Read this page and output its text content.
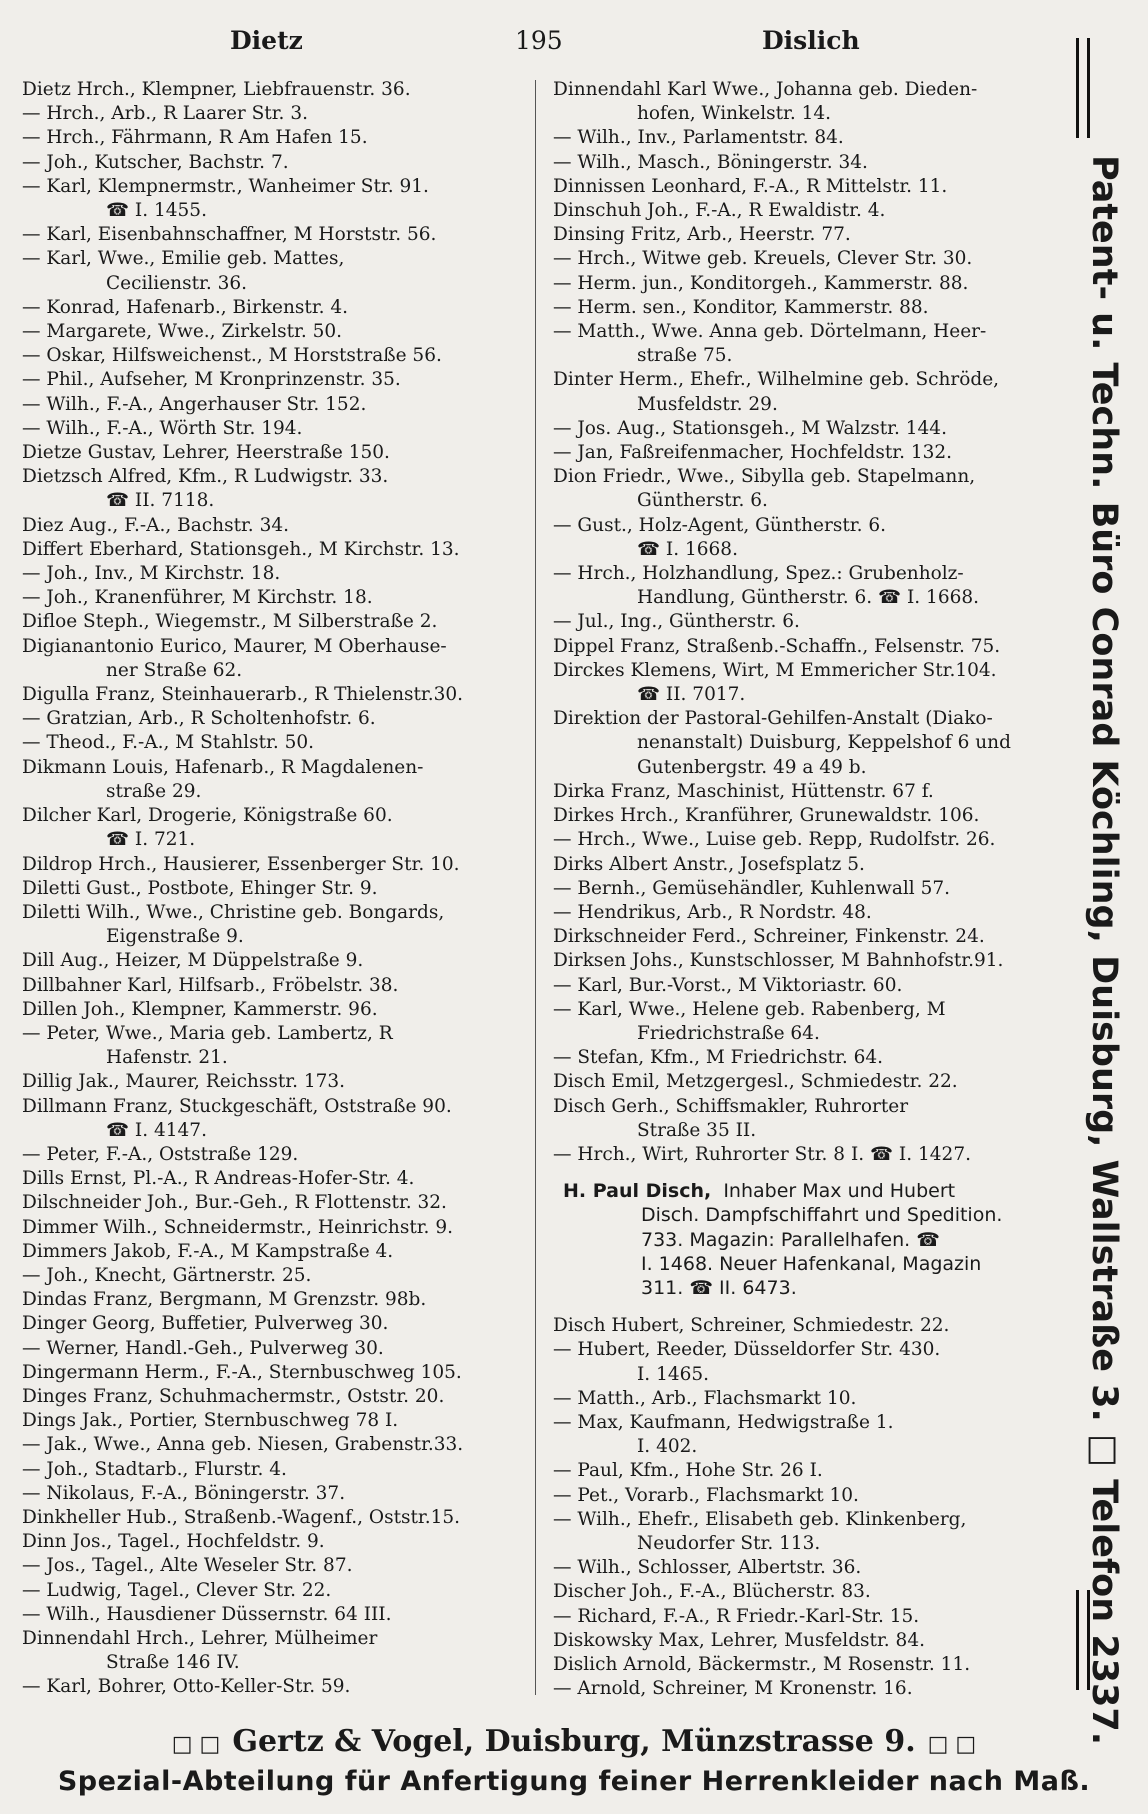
Dietz	195	Dislich
Dietz Hrch., Klempner, Liebfrauenstr. 36.
— Hrch., Arb., R Laarer Str. 3.
— Hrch., Fährmann, R Am Hafen 15.
— Joh., Kutscher, Bachstr. 7.
— Karl, Klempnermstr., Wanheimer Str. 91.
☎ I. 1455.
— Karl, Eisenbahnschaffner, M Horststr. 56.
— Karl, Wwe., Emilie geb. Mattes,
Cecilienstr. 36.
— Konrad, Hafenarb., Birkenstr. 4.
— Margarete, Wwe., Zirkelstr. 50.
— Oskar, Hilfsweichenst., M Horststraße 56.
— Phil., Aufseher, M Kronprinzenstr. 35.
— Wilh., F.-A., Angerhauser Str. 152.
— Wilh., F.-A., Wörth Str. 194.
Dietze Gustav, Lehrer, Heerstraße 150.
Dietzsch Alfred, Kfm., R Ludwigstr. 33.
☎ II. 7118.
Diez Aug., F.-A., Bachstr. 34.
Differt Eberhard, Stationsgeh., M Kirchstr. 13.
— Joh., Inv., M Kirchstr. 18.
— Joh., Kranenführer, M Kirchstr. 18.
Difloe Steph., Wiegemstr., M Silberstraße 2.
Digianantonio Eurico, Maurer, M Oberhause-
ner Straße 62.
Digulla Franz, Steinhauerarb., R Thielenstr.30.
— Gratzian, Arb., R Scholtenhofstr. 6.
— Theod., F.-A., M Stahlstr. 50.
Dikmann Louis, Hafenarb., R Magdalenen-
straße 29.
Dilcher Karl, Drogerie, Königstraße 60.
☎ I. 721.
Dildrop Hrch., Hausierer, Essenberger Str. 10.
Diletti Gust., Postbote, Ehinger Str. 9.
Diletti Wilh., Wwe., Christine geb. Bongards,
Eigenstraße 9.
Dill Aug., Heizer, M Düppelstraße 9.
Dillbahner Karl, Hilfsarb., Fröbelstr. 38.
Dillen Joh., Klempner, Kammerstr. 96.
— Peter, Wwe., Maria geb. Lambertz, R
Hafenstr. 21.
Dillig Jak., Maurer, Reichsstr. 173.
Dillmann Franz, Stuckgeschäft, Oststraße 90.
☎ I. 4147.
— Peter, F.-A., Oststraße 129.
Dills Ernst, Pl.-A., R Andreas-Hofer-Str. 4.
Dilschneider Joh., Bur.-Geh., R Flottenstr. 32.
Dimmer Wilh., Schneidermstr., Heinrichstr. 9.
Dimmers Jakob, F.-A., M Kampstraße 4.
— Joh., Knecht, Gärtnerstr. 25.
Dindas Franz, Bergmann, M Grenzstr. 98b.
Dinger Georg, Buffetier, Pulverweg 30.
— Werner, Handl.-Geh., Pulverweg 30.
Dingermann Herm., F.-A., Sternbuschweg 105.
Dinges Franz, Schuhmachermstr., Oststr. 20.
Dings Jak., Portier, Sternbuschweg 78 I.
— Jak., Wwe., Anna geb. Niesen, Grabenstr.33.
— Joh., Stadtarb., Flurstr. 4.
— Nikolaus, F.-A., Böningerstr. 37.
Dinkheller Hub., Straßenb.-Wagenf., Oststr.15.
Dinn Jos., Tagel., Hochfeldstr. 9.
— Jos., Tagel., Alte Weseler Str. 87.
— Ludwig, Tagel., Clever Str. 22.
— Wilh., Hausdiener Düssernstr. 64 III.
Dinnendahl Hrch., Lehrer, Mülheimer
Straße 146 IV.
— Karl, Bohrer, Otto-Keller-Str. 59.
Dinnendahl Karl Wwe., Johanna geb. Dieden-
hofen, Winkelstr. 14.
— Wilh., Inv., Parlamentstr. 84.
— Wilh., Masch., Böningerstr. 34.
Dinnissen Leonhard, F.-A., R Mittelstr. 11.
Dinschuh Joh., F.-A., R Ewaldistr. 4.
Dinsing Fritz, Arb., Heerstr. 77.
— Hrch., Witwe geb. Kreuels, Clever Str. 30.
— Herm. jun., Konditorgeh., Kammerstr. 88.
— Herm. sen., Konditor, Kammerstr. 88.
— Matth., Wwe. Anna geb. Dörtelmann, Heer-
straße 75.
Dinter Herm., Ehefr., Wilhelmine geb. Schröde,
Musfeldstr. 29.
— Jos. Aug., Stationsgeh., M Walzstr. 144.
— Jan, Faßreifenmacher, Hochfeldstr. 132.
Dion Friedr., Wwe., Sibylla geb. Stapelmann,
Güntherstr. 6.
— Gust., Holz-Agent, Güntherstr. 6.
☎ I. 1668.
— Hrch., Holzhandlung, Spez.: Grubenholz-
Handlung, Güntherstr. 6. ☎ I. 1668.
— Jul., Ing., Güntherstr. 6.
Dippel Franz, Straßenb.-Schaffn., Felsenstr. 75.
Dirckes Klemens, Wirt, M Emmericher Str.104.
☎ II. 7017.
Direktion der Pastoral-Gehilfen-Anstalt (Diako-
nenanstalt) Duisburg, Keppelshof 6 und
Gutenbergstr. 49 a 49 b.
Dirka Franz, Maschinist, Hüttenstr. 67 f.
Dirkes Hrch., Kranführer, Grunewaldstr. 106.
— Hrch., Wwe., Luise geb. Repp, Rudolfstr. 26.
Dirks Albert Anstr., Josefsplatz 5.
— Bernh., Gemüsehändler, Kuhlenwall 57.
— Hendrikus, Arb., R Nordstr. 48.
Dirkschneider Ferd., Schreiner, Finkenstr. 24.
Dirksen Johs., Kunstschlosser, M Bahnhofstr.91.
— Karl, Bur.-Vorst., M Viktoriastr. 60.
— Karl, Wwe., Helene geb. Rabenberg, M
Friedrichstraße 64.
— Stefan, Kfm., M Friedrichstr. 64.
Disch Emil, Metzgergesl., Schmiedestr. 22.
Disch Gerh., Schiffsmakler, Ruhrorter
Straße 35 II.
— Hrch., Wirt, Ruhrorter Str. 8 I. ☎ I. 1427.
H. Paul Disch, Inhaber Max und Hubert
Disch. Dampfschiffahrt und Spedition.
733. Magazin: Parallelhafen. ☎
I. 1468. Neuer Hafenkanal, Magazin
311. ☎ II. 6473.
Disch Hubert, Schreiner, Schmiedestr. 22.
— Hubert, Reeder, Düsseldorfer Str. 430.
I. 1465.
— Matth., Arb., Flachsmarkt 10.
— Max, Kaufmann, Hedwigstraße 1.
I. 402.
— Paul, Kfm., Hohe Str. 26 I.
— Pet., Vorarb., Flachsmarkt 10.
— Wilh., Ehefr., Elisabeth geb. Klinkenberg,
Neudorfer Str. 113.
— Wilh., Schlosser, Albertstr. 36.
Discher Joh., F.-A., Blücherstr. 83.
— Richard, F.-A., R Friedr.-Karl-Str. 15.
Diskowsky Max, Lehrer, Musfeldstr. 84.
Dislich Arnold, Bäckermstr., M Rosenstr. 11.
— Arnold, Schreiner, M Kronenstr. 16.	Patent- u. Techn. Büro Conrad Köchling, Duisburg, Wallstraße 3. □ Telefon 2337.
□ □ Gertz & Vogel, Duisburg, Münzstrasse 9. □ □
Spezial-Abteilung für Anfertigung feiner Herrenkleider nach Maß.
